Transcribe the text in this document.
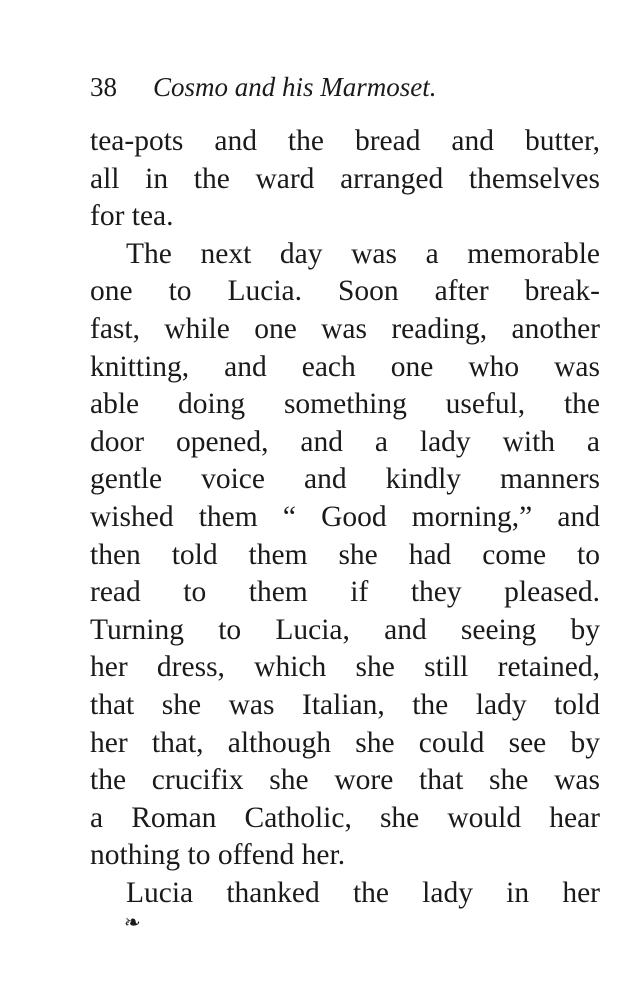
38 Cosmo and his Marmoset.
tea-pots and the bread and butter,
all in the ward arranged themselves
for tea.
The next day was a memorable
one to Lucia. Soon after break-
fast, while one was reading, another
knitting, and each one who was
able doing something useful, the
door opened, and a lady with a
gentle voice and kindly manners
wished them “ Good morning,” and
then told them she had come to
read to them if they pleased.
Turning to Lucia, and seeing by
her dress, which she still retained,
that she was Italian, the lady told
her that, although she could see by
the crucifix she wore that she was
a Roman Catholic, she would hear
nothing to offend her.
Lucia thanked the lady in her
❧
